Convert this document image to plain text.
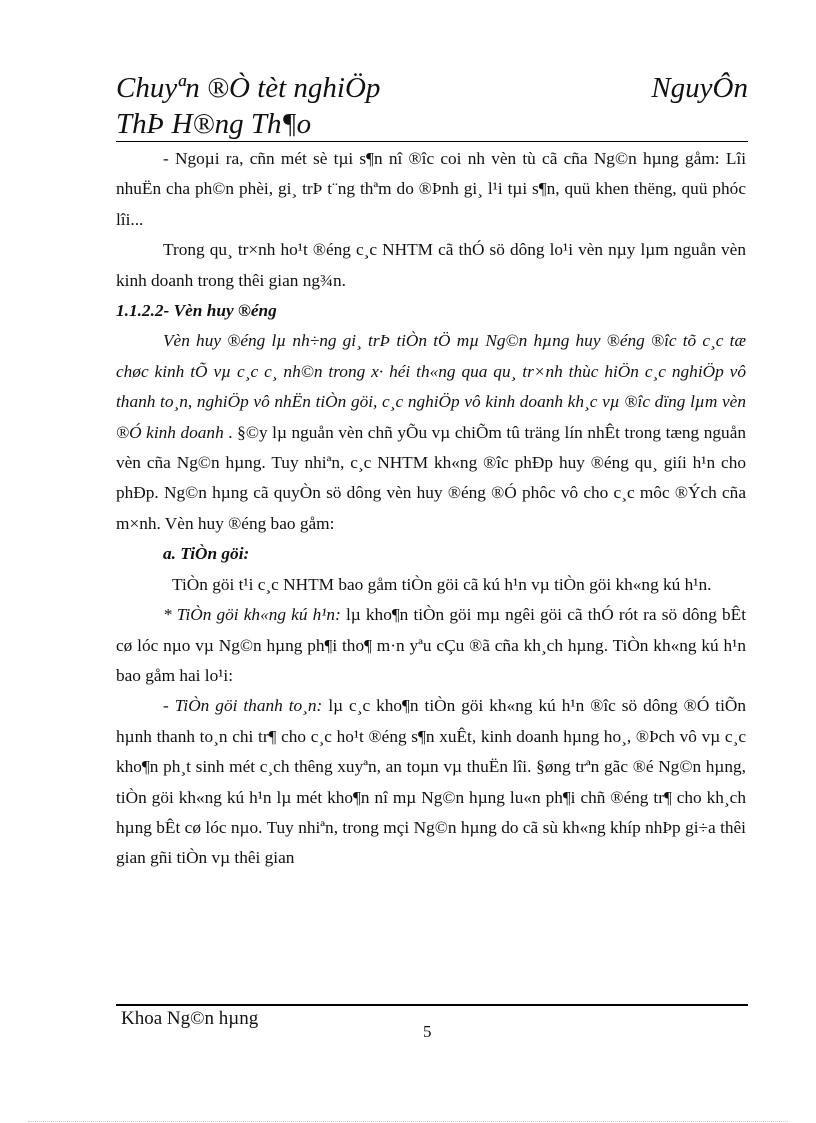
Chuyªn ®Ò tèt nghiÖp	NguyÔn
ThÞ H®ng Th¶o

- Ngoµi ra, cñn mét sè tµi s¶n nî ®îc coi nh vèn tù cã cña Ng©n hµng gåm: Lîi nhuËn cha ph©n phèi, gi¸ trÞ t¨ng thªm do ®Þnh gi¸ l¹i tµi s¶n, quü khen thëng, quü phóc lîi...

Trong qu¸ tr×nh ho¹t ®éng c¸c NHTM cã thÓ sö dông lo¹i vèn nµy lµm nguån vèn kinh doanh trong thêi gian ng¾n.

1.1.2.2- Vèn huy ®éng

Vèn huy ®éng lµ nh÷ng gi¸ trÞ tiÒn tÖ mµ Ng©n hµng huy ®éng ®îc tõ c¸c tæ chøc kinh tÕ vµ c¸c c¸ nh©n trong x· héi th«ng qua qu¸ tr×nh thùc hiÖn c¸c nghiÖp vô thanh to¸n, nghiÖp vô nhËn tiÒn göi, c¸c nghiÖp vô kinh doanh kh¸c vµ ®îc dïng lµm vèn ®Ó kinh doanh . §©y lµ nguån vèn chñ yÕu vµ chiÕm tû träng lín nhÊt trong tæng nguån vèn cña Ng©n hµng. Tuy nhiªn, c¸c NHTM kh«ng ®îc phÐp huy ®éng qu¸ giíi h¹n cho phÐp. Ng©n hµng cã quyÒn sö dông vèn huy ®éng ®Ó phôc vô cho c¸c môc ®Ých cña m×nh. Vèn huy ®éng bao gåm:

a. TiÒn göi:

TiÒn göi t¹i c¸c NHTM bao gåm tiÒn göi cã kú h¹n vµ tiÒn göi kh«ng kú h¹n.

* TiÒn göi kh«ng kú h¹n: lµ kho¶n tiÒn göi mµ ngêi göi cã thÓ rót ra sö dông bÊt cø lóc nµo vµ Ng©n hµng ph¶i tho¶ m·n yªu cÇu ®ã cña kh¸ch hµng. TiÒn kh«ng kú h¹n bao gåm hai lo¹i:

- TiÒn göi thanh to¸n: lµ c¸c kho¶n tiÒn göi kh«ng kú h¹n ®îc sö dông ®Ó tiÕn hµnh thanh to¸n chi tr¶ cho c¸c ho¹t ®éng s¶n xuÊt, kinh doanh hµng ho¸, ®Þch vô vµ c¸c kho¶n ph¸t sinh mét c¸ch thêng xuyªn, an toµn vµ thuËn lîi. §øng trªn gãc ®é Ng©n hµng, tiÒn göi kh«ng kú h¹n lµ mét kho¶n nî mµ Ng©n hµng lu«n ph¶i chñ ®éng tr¶ cho kh¸ch hµng bÊt cø lóc nµo. Tuy nhiªn, trong mçi Ng©n hµng do cã sù kh«ng khíp nhÞp gi÷a thêi gian gñi tiÒn vµ thêi gian

Khoa Ng©n hµng
5
